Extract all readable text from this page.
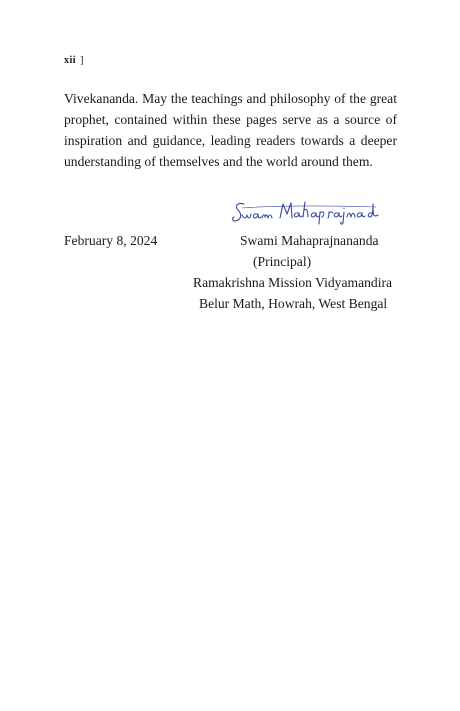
xii ]

Vivekananda. May the teachings and philosophy of the great prophet, contained within these pages serve as a source of inspiration and guidance, leading readers towards a deeper understanding of themselves and the world around them.

February 8, 2024	Swami Mahaprajnananda
(Principal)
Ramakrishna Mission Vidyamandira
Belur Math, Howrah, West Bengal
